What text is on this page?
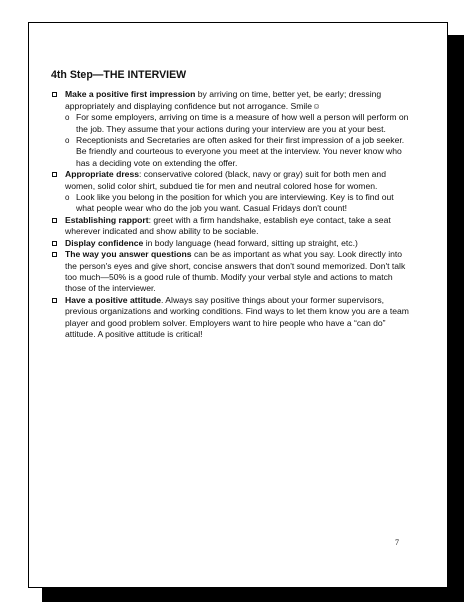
4th Step—THE INTERVIEW
Make a positive first impression by arriving on time, better yet, be early; dressing appropriately and displaying confidence but not arrogance. Smile☺
o For some employers, arriving on time is a measure of how well a person will perform on the job. They assume that your actions during your interview are you at your best.
o Receptionists and Secretaries are often asked for their first impression of a job seeker. Be friendly and courteous to everyone you meet at the interview. You never know who has a deciding vote on extending the offer.
Appropriate dress: conservative colored (black, navy or gray) suit for both men and women, solid color shirt, subdued tie for men and neutral colored hose for women.
o Look like you belong in the position for which you are interviewing. Key is to find out what people wear who do the job you want. Casual Fridays don't count!
Establishing rapport: greet with a firm handshake, establish eye contact, take a seat wherever indicated and show ability to be sociable.
Display confidence in body language (head forward, sitting up straight, etc.)
The way you answer questions can be as important as what you say. Look directly into the person's eyes and give short, concise answers that don't sound memorized. Don't talk too much—50% is a good rule of thumb. Modify your verbal style and actions to match those of the interviewer.
Have a positive attitude. Always say positive things about your former supervisors, previous organizations and working conditions. Find ways to let them know you are a team player and good problem solver. Employers want to hire people who have a “can do” attitude. A positive attitude is critical!
7
